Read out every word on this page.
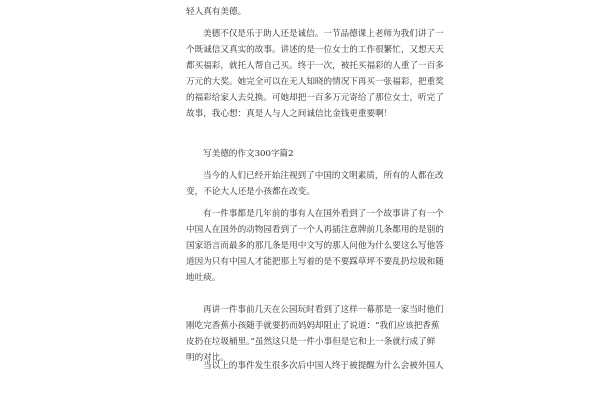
轻人真有美德。
美德不仅是乐于助人还是诚信。一节品德课上老师为我们讲了一
个既诚信又真实的故事。讲述的是一位女士的工作很繁忙，又想天天
都买福彩，就托人帮自己买。终于一次，被托买福彩的人重了一百多
万元的大奖。她完全可以在无人知晓的情况下再买一张福彩，把重奖
的福彩给家人去兑换。可她却把一百多万元寄给了那位女士，听完了
故事，我心想：真是人与人之间诚信比金钱更重要啊！
写美德的作文300字篇2
当今的人们已经开始注视到了中国的文明素质，所有的人都在改
变，不论大人还是小孩都在改变。
有一件事都是几年前的事有人在国外看到了一个故事讲了有一个
中国人在国外的动物园看到了一个人再插注意牌前几条都用的是别的
国家语言而最多的那几条是用中文写的那人问他为什么要这么写他答
道因为只有中国人才能把那上写着的是不要踩草坪不要乱扔垃圾和随
地吐痰。
再讲一件事前几天在公园玩时看到了这样一幕那是一家当时他们
刚吃完香蕉小孩随手就要扔而妈妈却阻止了说道：“我们应该把香蕉
皮扔在垃圾桶里。”虽然这只是一件小事但是它和上一条就行成了鲜
明的对比。
当以上的事件发生很多次后中国人终于被提醒为什么会被外国人
